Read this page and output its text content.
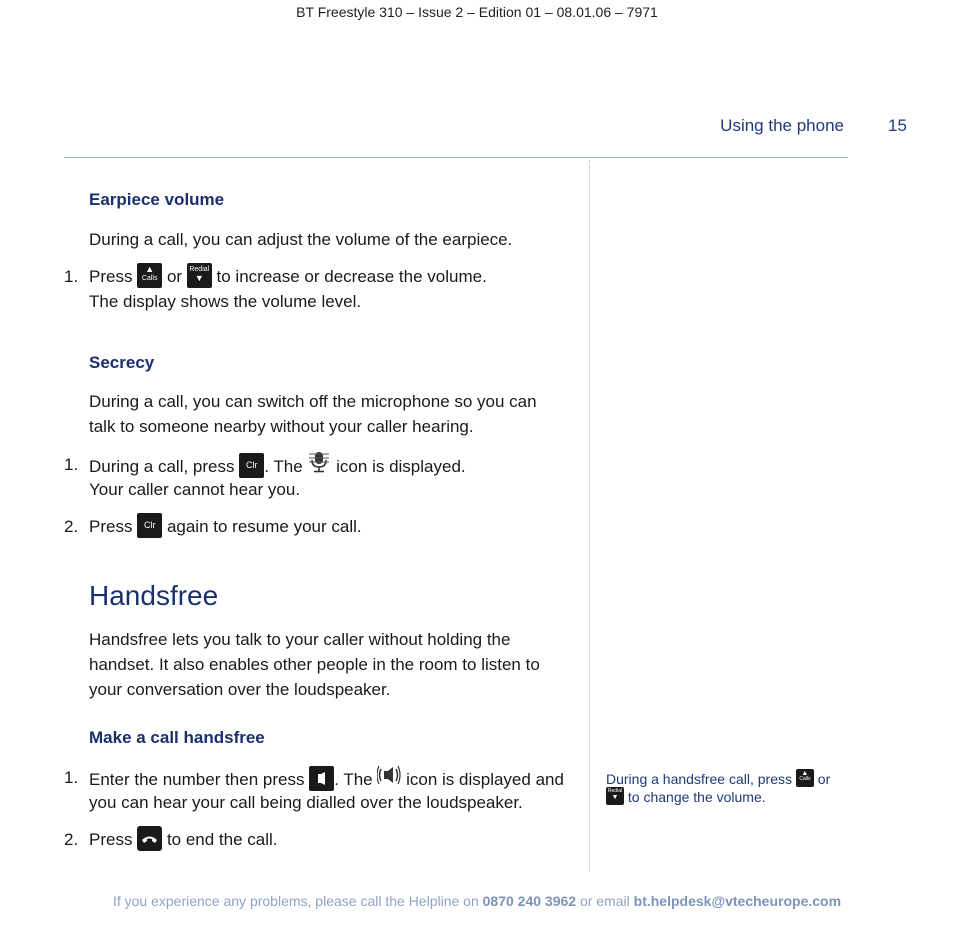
BT Freestyle 310 – Issue 2 – Edition 01 – 08.01.06 – 7971
Using the phone	15
Earpiece volume
During a call, you can adjust the volume of the earpiece.
1. Press	▲
Calls or	Redial
▼ to increase or decrease the volume.
The display shows the volume level.
Secrecy
During a call, you can switch off the microphone so you can
talk to someone nearby without your caller hearing.
1. During a call, press Clr . The icon is displayed.
Your caller cannot hear you.
2. Press Clr again to resume your call.
Handsfree
Handsfree lets you talk to your caller without holding the
handset. It also enables other people in the room to listen to
your conversation over the loudspeaker.
Make a call handsfree
1. Enter the number then press . The icon is displayed and
you can hear your call being dialled over the loudspeaker.
2. Press to end the call.
During a handsfree call, press	▲
Calls or
Redial
▼ to change the volume.
If you experience any problems, please call the Helpline on 0870 240 3962 or email bt.helpdesk@vtecheurope.com
